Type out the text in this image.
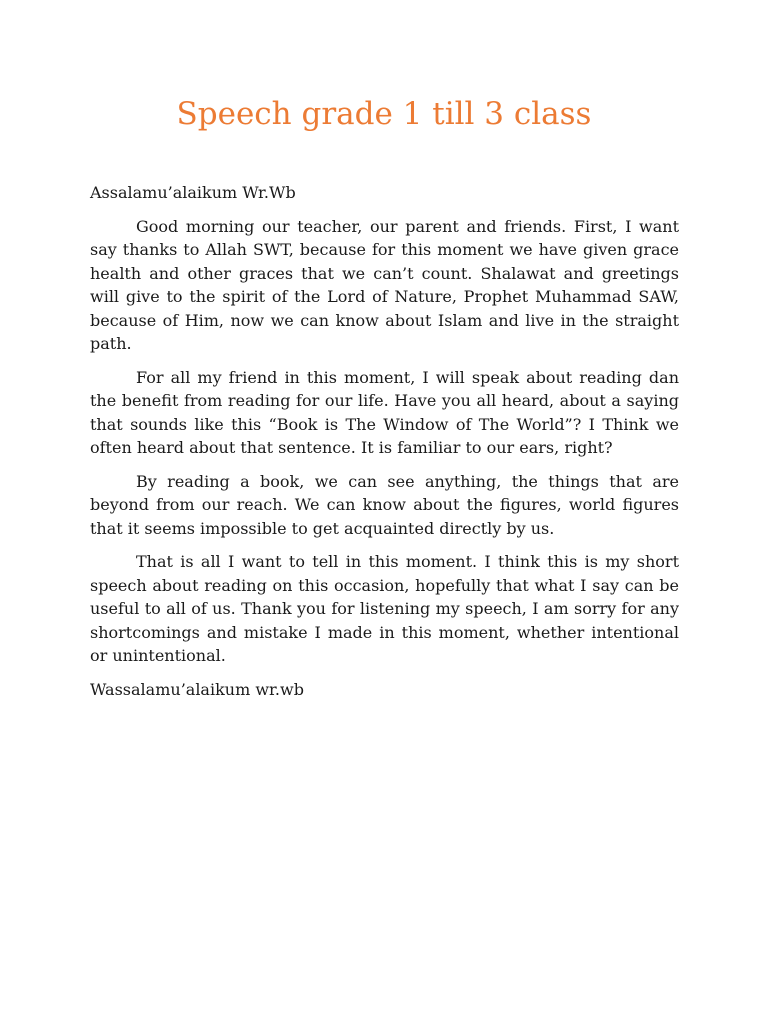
Speech grade 1 till 3 class

Assalamu’alaikum Wr.Wb

Good morning our teacher, our parent and friends. First, I want say thanks to Allah SWT, because for this moment we have given grace health and other graces that we can’t count. Shalawat and greetings will give to the spirit of the Lord of Nature, Prophet Muhammad SAW, because of Him, now we can know about Islam and live in the straight path.

For all my friend in this moment, I will speak about reading dan the benefit from reading for our life. Have you all heard, about a saying that sounds like this “Book is The Window of The World”? I Think we often heard about that sentence. It is familiar to our ears, right?

By reading a book, we can see anything, the things that are beyond from our reach. We can know about the figures, world figures that it seems impossible to get acquainted directly by us.

That is all I want to tell in this moment. I think this is my short speech about reading on this occasion, hopefully that what I say can be useful to all of us. Thank you for listening my speech, I am sorry for any shortcomings and mistake I made in this moment, whether intentional or unintentional.

Wassalamu’alaikum wr.wb
